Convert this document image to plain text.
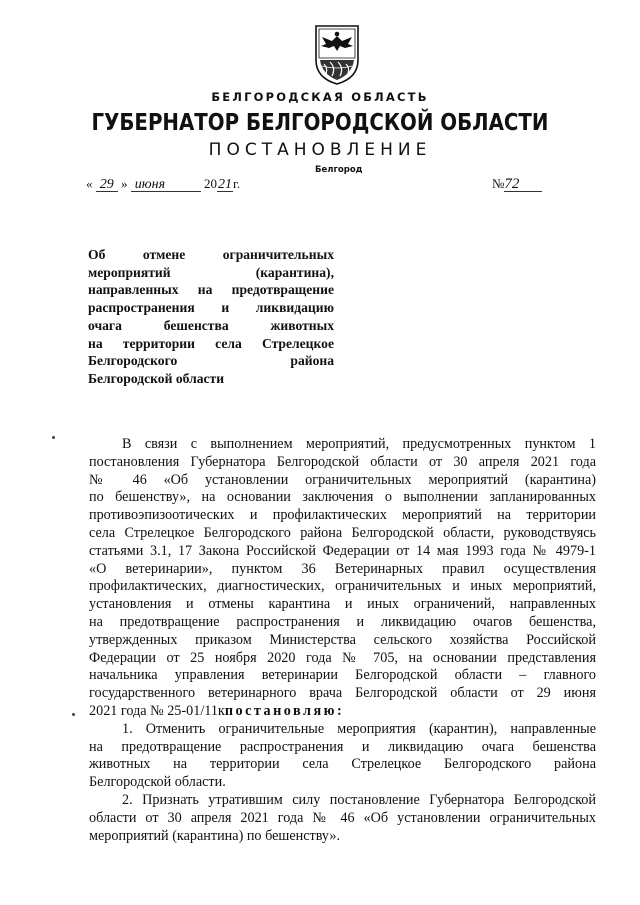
БЕЛГОРОДСКАЯ ОБЛАСТЬ
ГУБЕРНАТОР БЕЛГОРОДСКОЙ ОБЛАСТИ
ПОСТАНОВЛЕНИЕ
Белгород
« 29 » июня	2021г.	№72
Об отмене ограничительных
мероприятий (карантина),
направленных на предотвращение
распространения и ликвидацию
очага бешенства животных
на территории села Стрелецкое
Белгородского района
Белгородской области
В связи с выполнением мероприятий, предусмотренных пунктом 1
постановления Губернатора Белгородской области от 30 апреля 2021 года
№ 46 «Об установлении ограничительных мероприятий (карантина)
по бешенству», на основании заключения о выполнении запланированных
противоэпизоотических и профилактических мероприятий на территории
села Стрелецкое Белгородского района Белгородской области, руководствуясь
статьями 3.1, 17 Закона Российской Федерации от 14 мая 1993 года № 4979-1
«О ветеринарии», пунктом 36 Ветеринарных правил осуществления
профилактических, диагностических, ограничительных и иных мероприятий,
установления и отмены карантина и иных ограничений, направленных
на предотвращение распространения и ликвидацию очагов бешенства,
утвержденных приказом Министерства сельского хозяйства Российской
Федерации от 25 ноября 2020 года № 705, на основании представления
начальника управления ветеринарии Белгородской области – главного
государственного ветеринарного врача Белгородской области от 29 июня
2021 года № 25-01/11кпостановляю:
1. Отменить ограничительные мероприятия (карантин), направленные
на предотвращение распространения и ликвидацию очага бешенства
животных на территории села Стрелецкое Белгородского района
Белгородской области.
2. Признать утратившим силу постановление Губернатора Белгородской
области от 30 апреля 2021 года № 46 «Об установлении ограничительных
мероприятий (карантина) по бешенству».
